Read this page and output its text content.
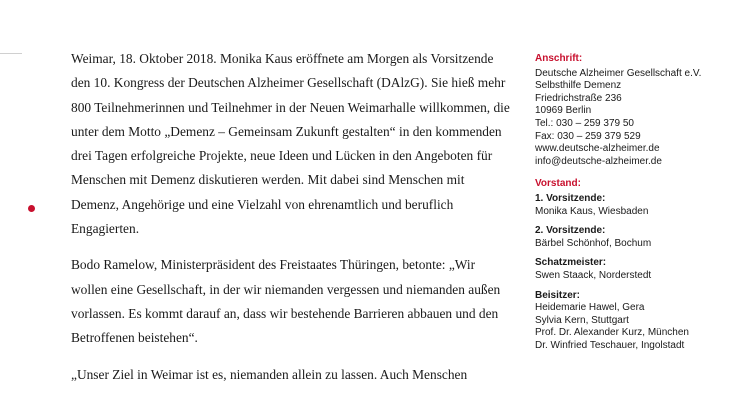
Weimar, 18. Oktober 2018. Monika Kaus eröffnete am Morgen als Vorsitzende den 10. Kongress der Deutschen Alzheimer Gesellschaft (DAlzG). Sie hieß mehr 800 Teilnehmerinnen und Teilnehmer in der Neuen Weimarhalle willkommen, die unter dem Motto „Demenz – Gemeinsam Zukunft gestalten“ in den kommenden drei Tagen erfolgreiche Projekte, neue Ideen und Lücken in den Angeboten für Menschen mit Demenz diskutieren werden. Mit dabei sind Menschen mit Demenz, Angehörige und eine Vielzahl von ehrenamtlich und beruflich Engagierten.

Bodo Ramelow, Ministerpräsident des Freistaates Thüringen, betonte: „Wir wollen eine Gesellschaft, in der wir niemanden vergessen und niemanden außen vorlassen. Es kommt darauf an, dass wir bestehende Barrieren abbauen und den Betroffenen beistehen“.

„Unser Ziel in Weimar ist es, niemanden allein zu lassen. Auch Menschen

Anschrift:
Deutsche Alzheimer Gesellschaft e.V.
Selbsthilfe Demenz
Friedrichstraße 236
10969 Berlin
Tel.: 030 – 259 379 50
Fax: 030 – 259 379 529
www.deutsche-alzheimer.de
info@deutsche-alzheimer.de
Vorstand:
1. Vorsitzende:
Monika Kaus, Wiesbaden
2. Vorsitzende:
Bärbel Schönhof, Bochum
Schatzmeister:
Swen Staack, Norderstedt
Beisitzer:
Heidemarie Hawel, Gera
Sylvia Kern, Stuttgart
Prof. Dr. Alexander Kurz, München
Dr. Winfried Teschauer, Ingolstadt
